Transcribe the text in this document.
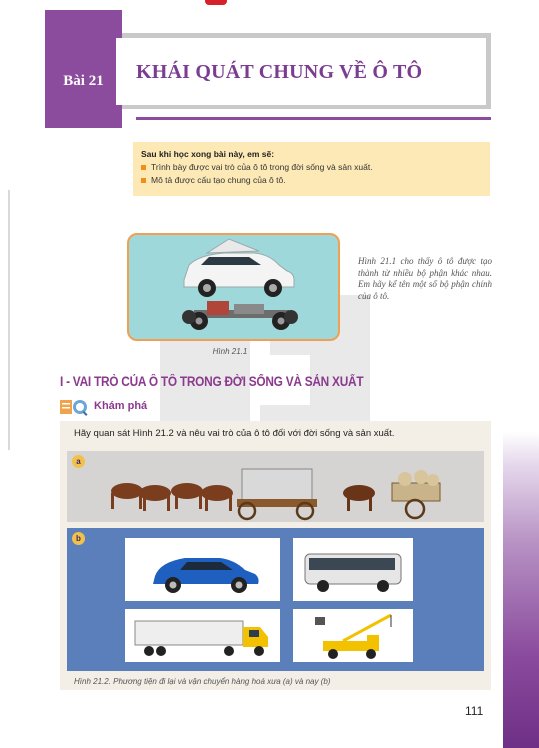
Bài 21	KHÁI QUÁT CHUNG VỀ Ô TÔ
Sau khi học xong bài này, em sẽ:
Trình bày được vai trò của ô tô trong đời sống và sản xuất.
Mô tả được cấu tạo chung của ô tô.
Hình 21.1
Hình 21.1 cho thấy ô tô được tạo thành từ nhiều bộ phận khác nhau. Em hãy kể tên một số bộ phận chính của ô tô.
I - VAI TRÒ CỦA Ô TÔ TRONG ĐỜI SỐNG VÀ SẢN XUẤT
Khám phá
Hãy quan sát Hình 21.2 và nêu vai trò của ô tô đối với đời sống và sản xuất.
a
b
Hình 21.2. Phương tiện đi lại và vận chuyển hàng hoá xưa (a) và nay (b)
111
